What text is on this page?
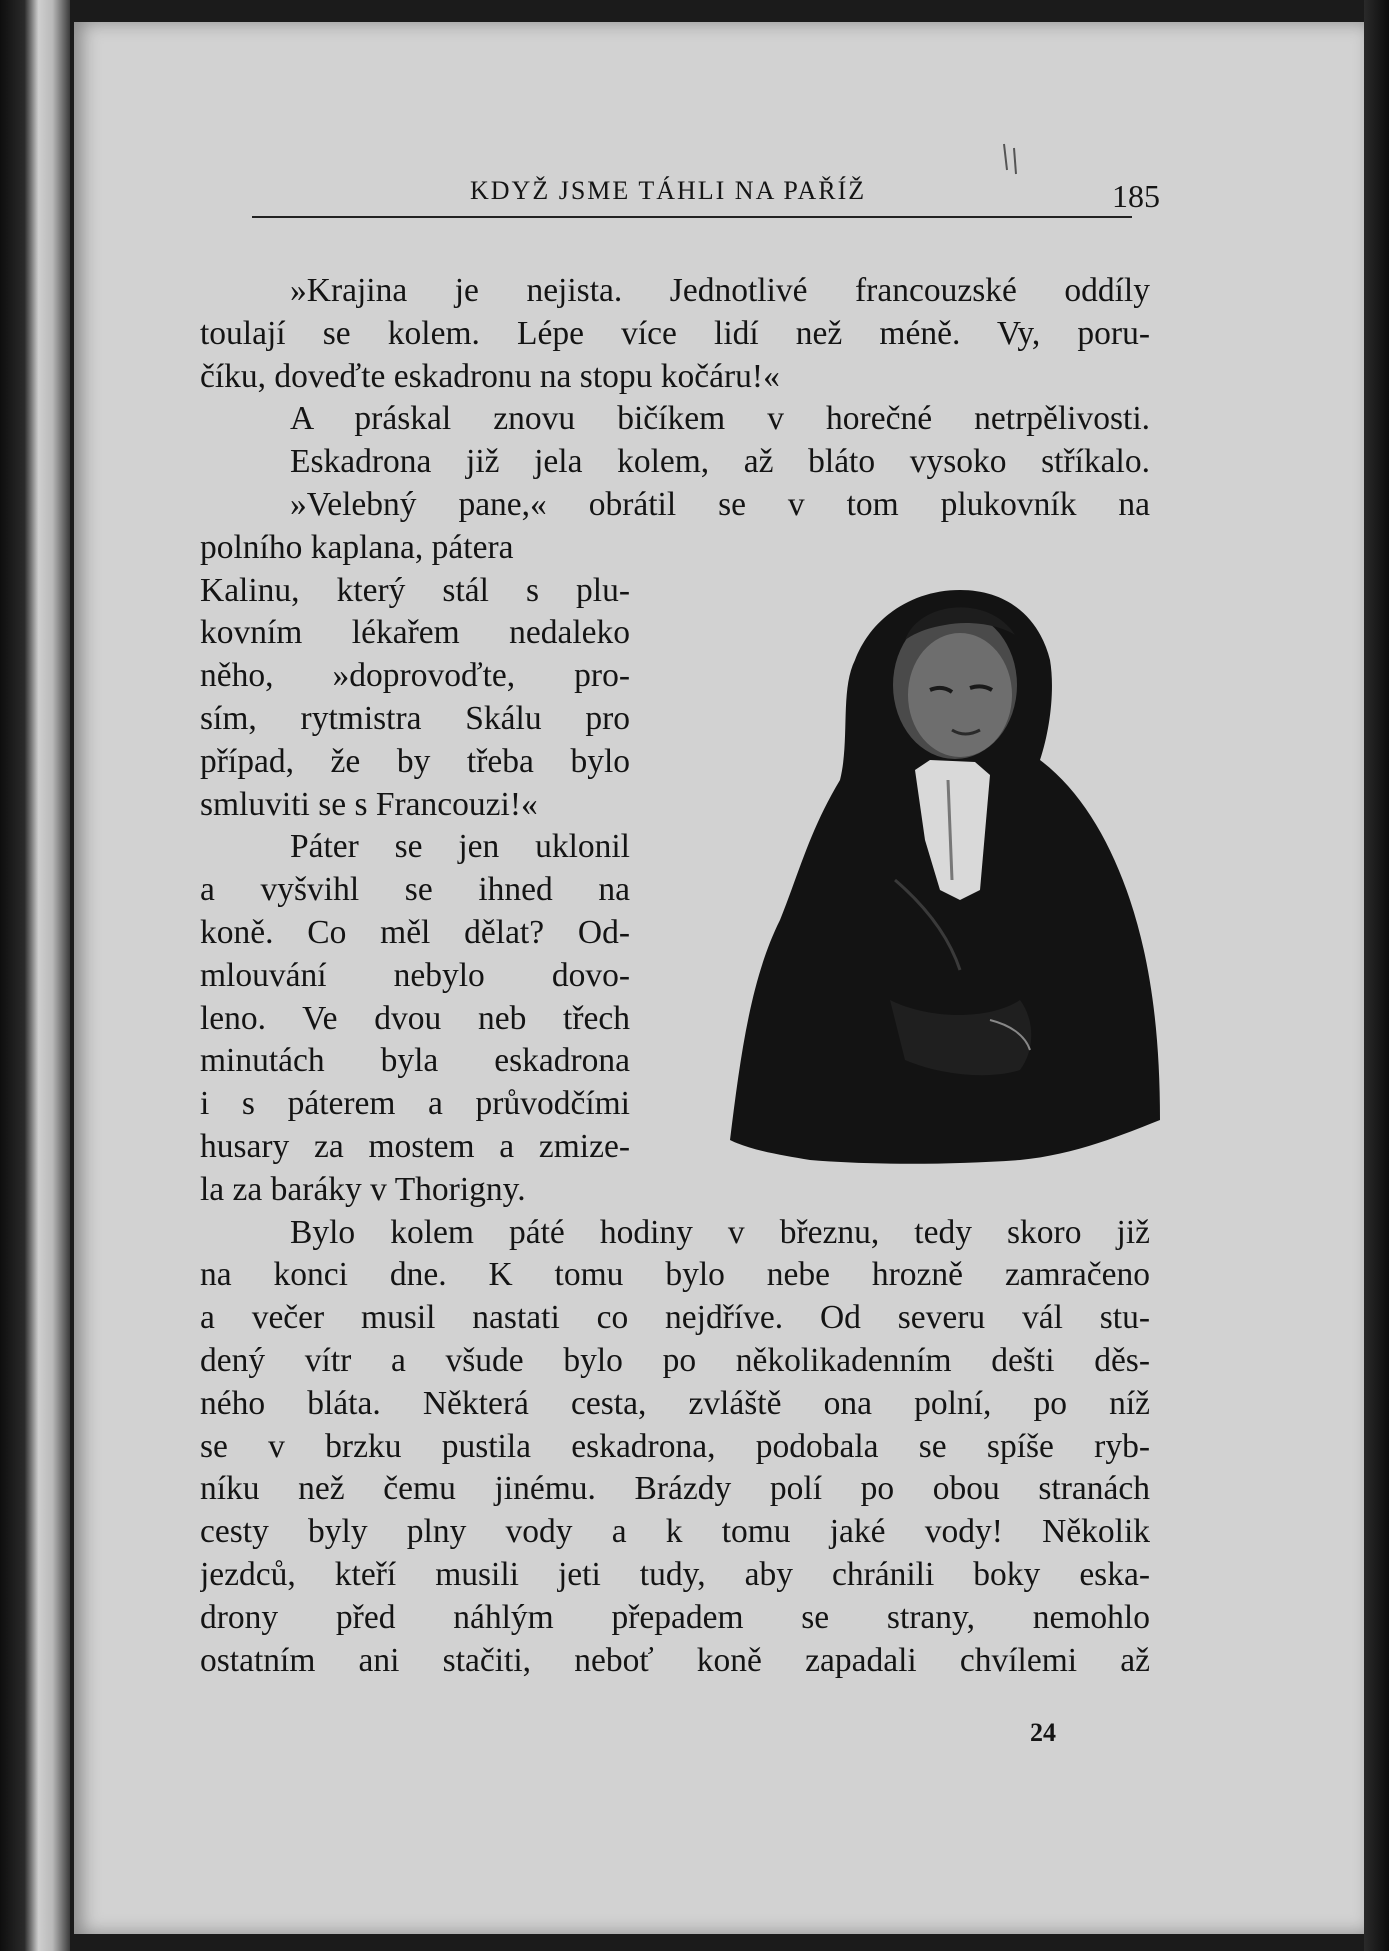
KDYŽ JSME TÁHLI NA PAŘÍŽ	185
»Krajina je nejista. Jednotlivé francouzské oddíly
toulají se kolem. Lépe více lidí než méně. Vy, poru-
číku, doveďte eskadronu na stopu kočáru!«
A práskal znovu bičíkem v horečné netrpělivosti.
Eskadrona již jela kolem, až bláto vysoko stříkalo.
»Velebný pane,« obrátil se v tom plukovník na
polního kaplana, pátera
Kalinu, který stál s plu-
kovním lékařem nedaleko
něho, »doprovoďte, pro-
sím, rytmistra Skálu pro
případ, že by třeba bylo
smluviti se s Francouzi!«
Páter se jen uklonil
a vyšvihl se ihned na
koně. Co měl dělat? Od-
mlouvání nebylo dovo-
leno. Ve dvou neb třech
minutách byla eskadrona
i s páterem a průvodčími
husary za mostem a zmize-
la za baráky v Thorigny.
Bylo kolem páté hodiny v březnu, tedy skoro již
na konci dne. K tomu bylo nebe hrozně zamračeno
a večer musil nastati co nejdříve. Od severu vál stu-
dený vítr a všude bylo po několikadenním dešti děs-
ného bláta. Některá cesta, zvláště ona polní, po níž
se v brzku pustila eskadrona, podobala se spíše ryb-
níku než čemu jinému. Brázdy polí po obou stranách
cesty byly plny vody a k tomu jaké vody! Několik
jezdců, kteří musili jeti tudy, aby chránili boky eska-
drony před náhlým přepadem se strany, nemohlo
ostatním ani stačiti, neboť koně zapadali chvílemi až
24
